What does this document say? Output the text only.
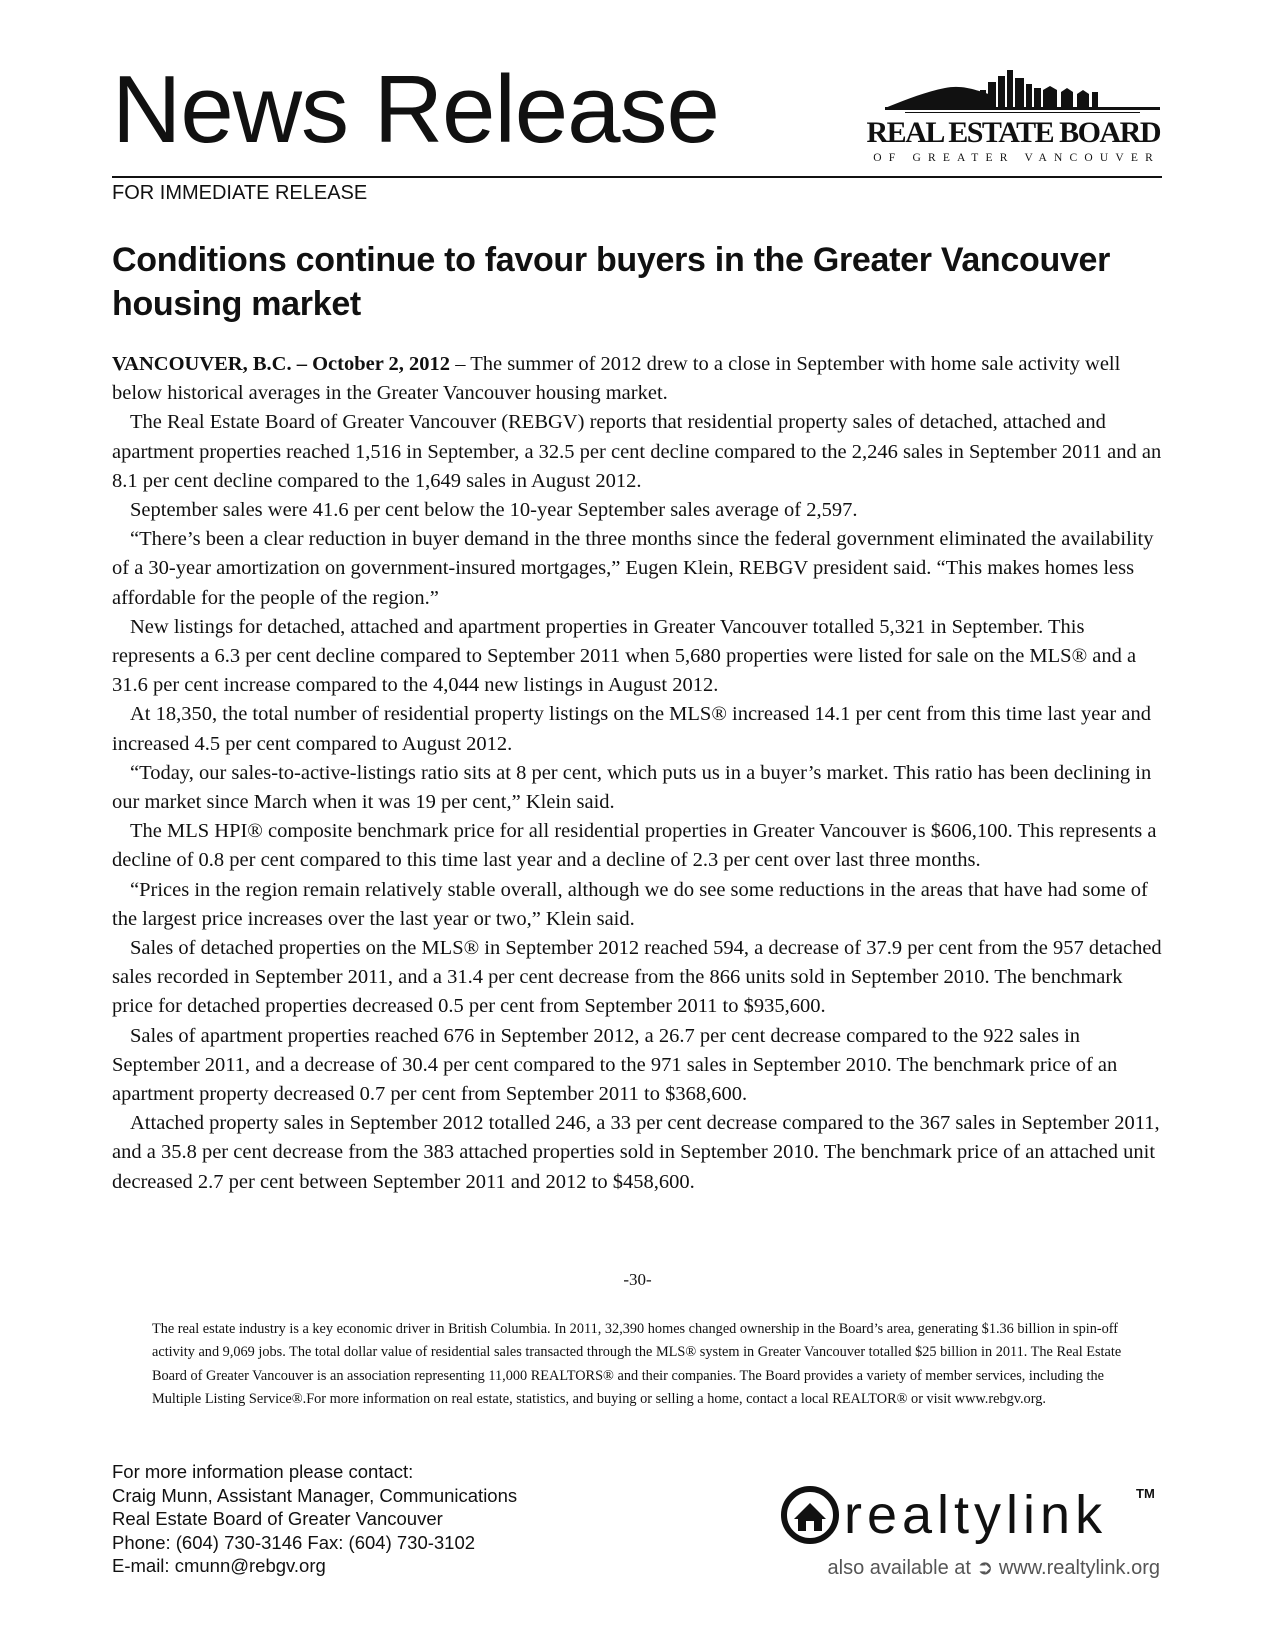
News Release	REAL ESTATE BOARD
OF GREATER VANCOUVER
FOR IMMEDIATE RELEASE
Conditions continue to favour buyers in the Greater Vancouver housing market

VANCOUVER, B.C. – October 2, 2012 – The summer of 2012 drew to a close in September with home sale activity well below historical averages in the Greater Vancouver housing market.

The Real Estate Board of Greater Vancouver (REBGV) reports that residential property sales of detached, attached and apartment properties reached 1,516 in September, a 32.5 per cent decline compared to the 2,246 sales in September 2011 and an 8.1 per cent decline compared to the 1,649 sales in August 2012.

September sales were 41.6 per cent below the 10-year September sales average of 2,597.

“There’s been a clear reduction in buyer demand in the three months since the federal government eliminated the availability of a 30-year amortization on government-insured mortgages,” Eugen Klein, REBGV president said. “This makes homes less affordable for the people of the region.”

New listings for detached, attached and apartment properties in Greater Vancouver totalled 5,321 in September. This represents a 6.3 per cent decline compared to September 2011 when 5,680 properties were listed for sale on the MLS® and a 31.6 per cent increase compared to the 4,044 new listings in August 2012.

At 18,350, the total number of residential property listings on the MLS® increased 14.1 per cent from this time last year and increased 4.5 per cent compared to August 2012.

“Today, our sales-to-active-listings ratio sits at 8 per cent, which puts us in a buyer’s market. This ratio has been declining in our market since March when it was 19 per cent,” Klein said.

The MLS HPI® composite benchmark price for all residential properties in Greater Vancouver is $606,100. This represents a decline of 0.8 per cent compared to this time last year and a decline of 2.3 per cent over last three months.

“Prices in the region remain relatively stable overall, although we do see some reductions in the areas that have had some of the largest price increases over the last year or two,” Klein said.

Sales of detached properties on the MLS® in September 2012 reached 594, a decrease of 37.9 per cent from the 957 detached sales recorded in September 2011, and a 31.4 per cent decrease from the 866 units sold in September 2010. The benchmark price for detached properties decreased 0.5 per cent from September 2011 to $935,600.

Sales of apartment properties reached 676 in September 2012, a 26.7 per cent decrease compared to the 922 sales in September 2011, and a decrease of 30.4 per cent compared to the 971 sales in September 2010. The benchmark price of an apartment property decreased 0.7 per cent from September 2011 to $368,600.

Attached property sales in September 2012 totalled 246, a 33 per cent decrease compared to the 367 sales in September 2011, and a 35.8 per cent decrease from the 383 attached properties sold in September 2010. The benchmark price of an attached unit decreased 2.7 per cent between September 2011 and 2012 to $458,600.

-30-

The real estate industry is a key economic driver in British Columbia. In 2011, 32,390 homes changed ownership in the Board’s area, generating $1.36 billion in spin-off activity and 9,069 jobs. The total dollar value of residential sales transacted through the MLS® system in Greater Vancouver totalled $25 billion in 2011. The Real Estate Board of Greater Vancouver is an association representing 11,000 REALTORS® and their companies. The Board provides a variety of member services, including the Multiple Listing Service®.For more information on real estate, statistics, and buying or selling a home, contact a local REALTOR® or visit www.rebgv.org.

For more information please contact:
Craig Munn, Assistant Manager, Communications
Real Estate Board of Greater Vancouver
Phone: (604) 730-3146 Fax: (604) 730-3102
E-mail: cmunn@rebgv.org
realtylink TM
also available at ➲ www.realtylink.org
